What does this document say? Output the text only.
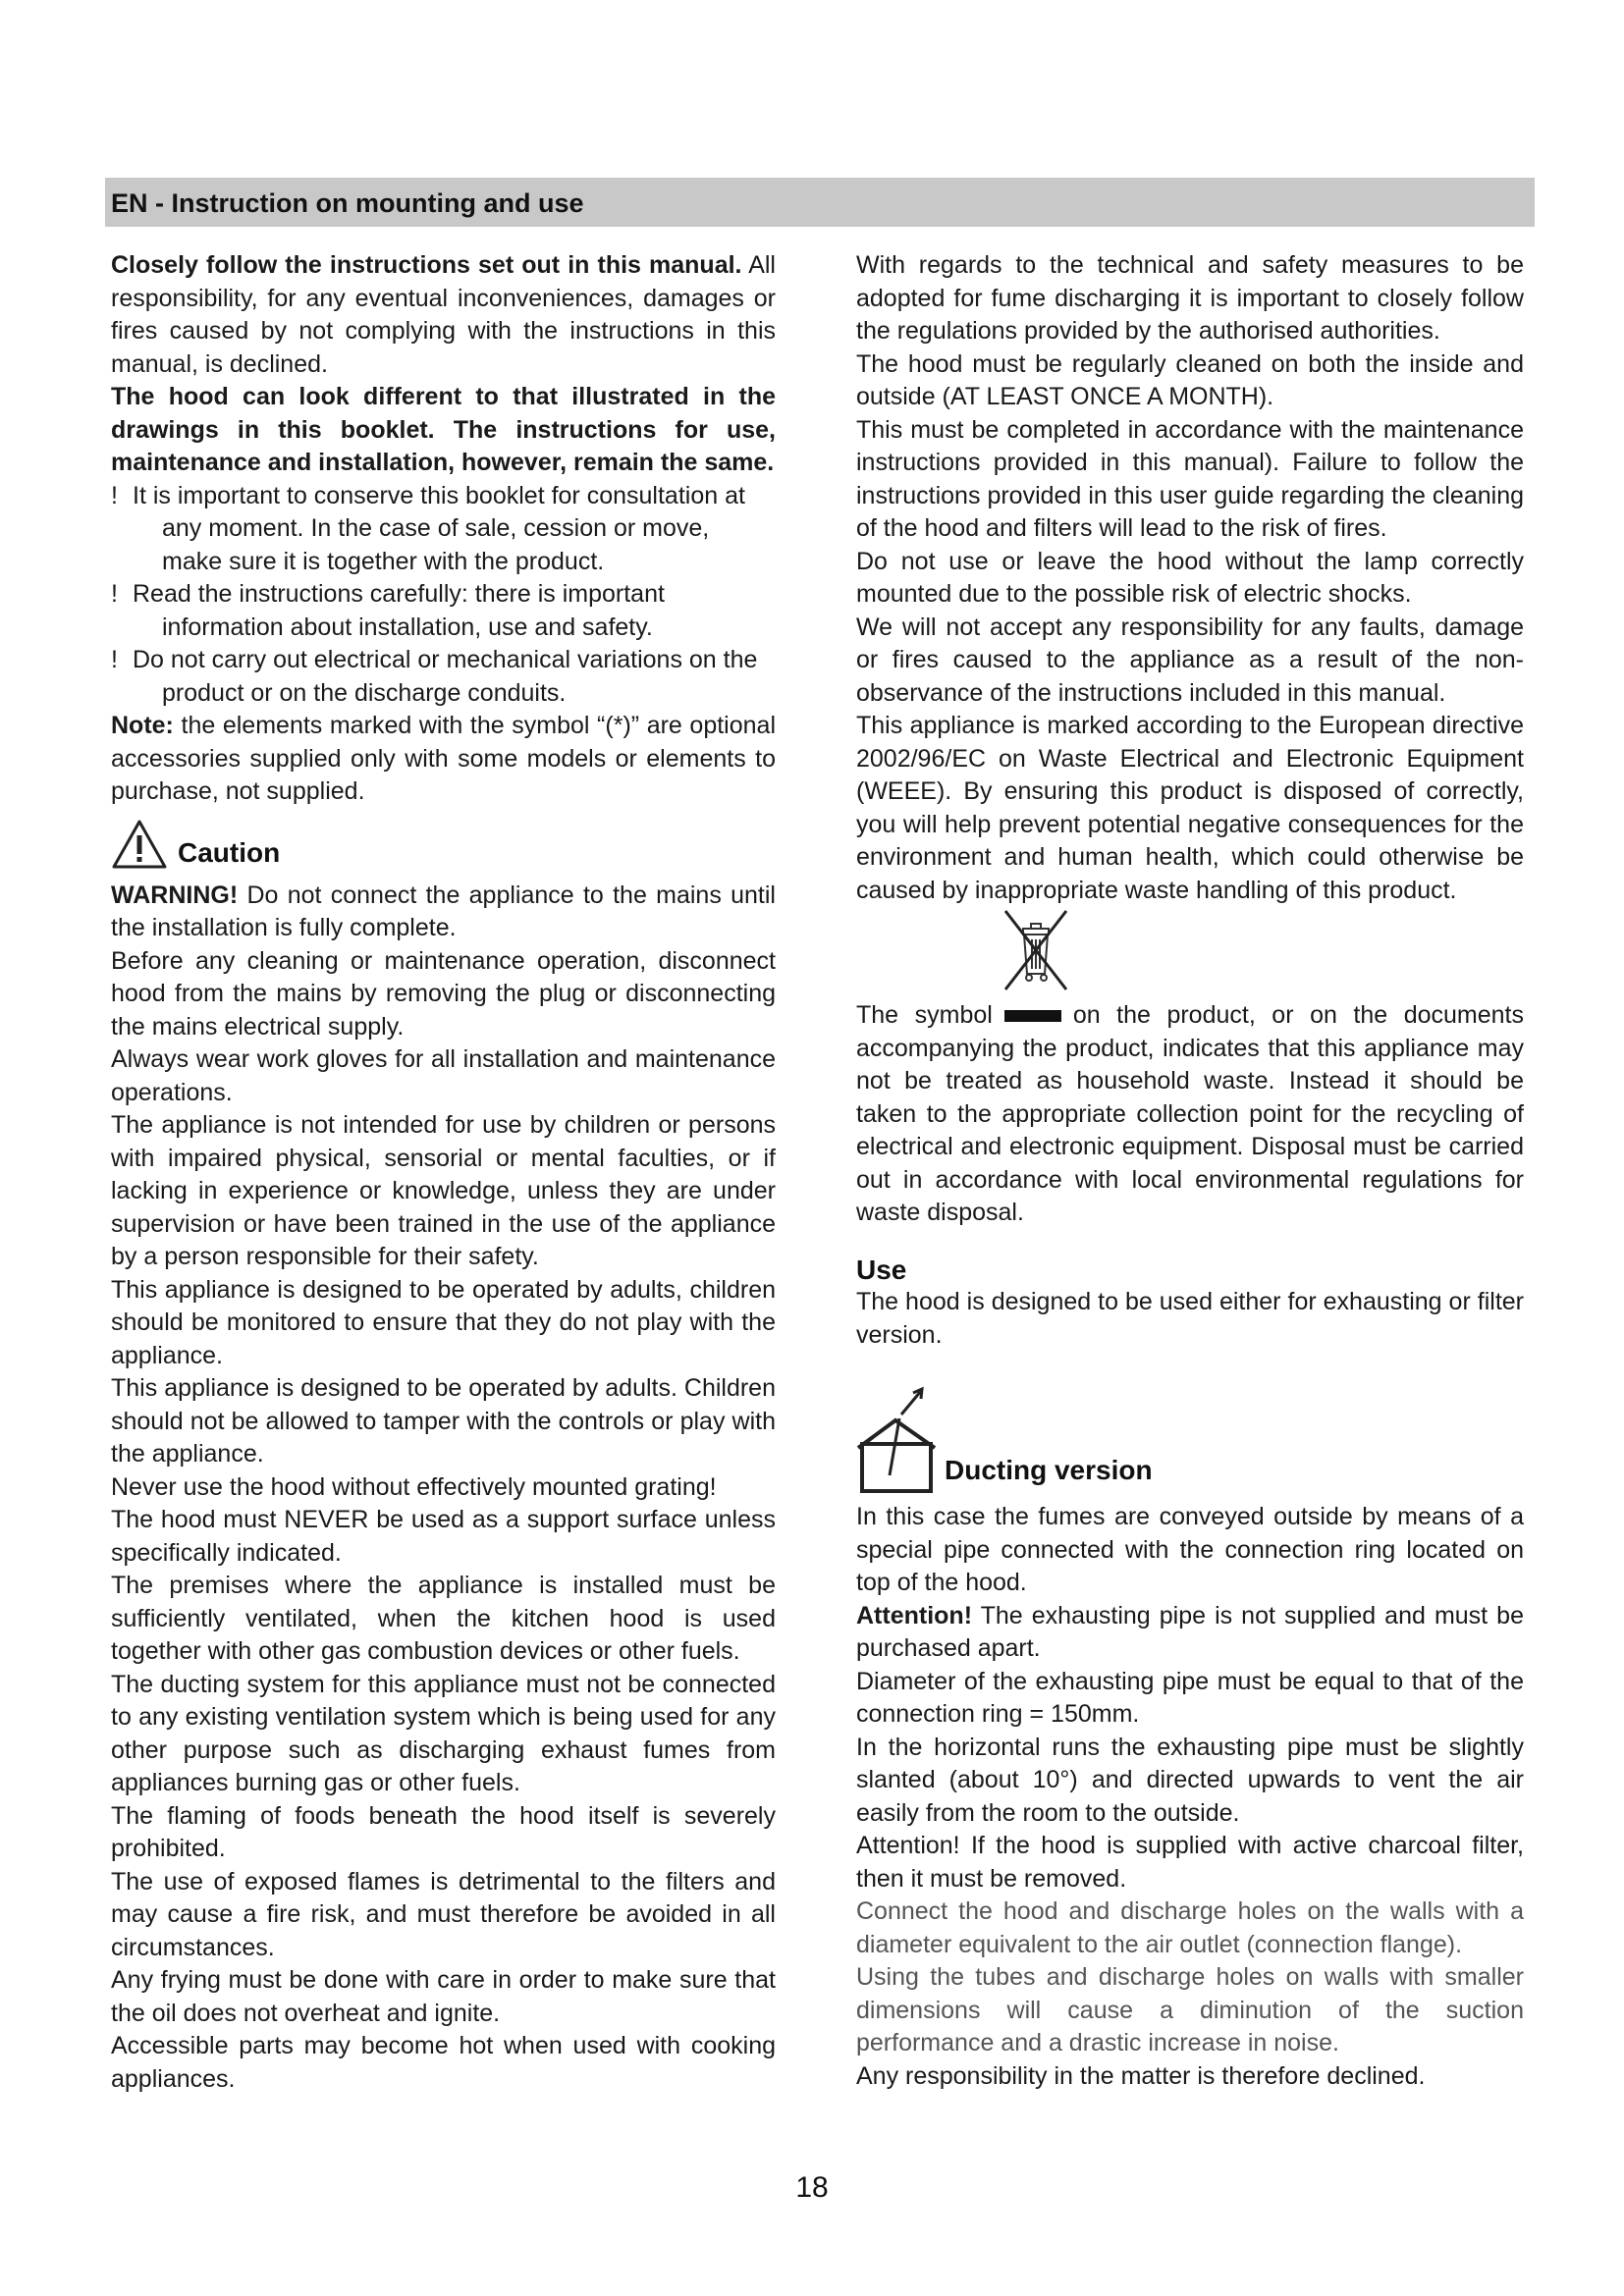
EN - Instruction on mounting and use

Closely follow the instructions set out in this manual. All responsibility, for any eventual inconveniences, damages or fires caused by not complying with the instructions in this manual, is declined.

The hood can look different to that illustrated in the drawings in this booklet. The instructions for use, maintenance and installation, however, remain the same.

! It is important to conserve this booklet for consultation at any moment. In the case of sale, cession or move, make sure it is together with the product.

! Read the instructions carefully: there is important information about installation, use and safety.

! Do not carry out electrical or mechanical variations on the product or on the discharge conduits.

Note: the elements marked with the symbol “(*)” are optional accessories supplied only with some models or elements to purchase, not supplied.

Caution

WARNING! Do not connect the appliance to the mains until the installation is fully complete.

Before any cleaning or maintenance operation, disconnect hood from the mains by removing the plug or disconnecting the mains electrical supply.

Always wear work gloves for all installation and maintenance operations.

The appliance is not intended for use by children or persons with impaired physical, sensorial or mental faculties, or if lacking in experience or knowledge, unless they are under supervision or have been trained in the use of the appliance by a person responsible for their safety.

This appliance is designed to be operated by adults, children should be monitored to ensure that they do not play with the appliance.

This appliance is designed to be operated by adults. Children should not be allowed to tamper with the controls or play with the appliance.

Never use the hood without effectively mounted grating!

The hood must NEVER be used as a support surface unless specifically indicated.

The premises where the appliance is installed must be sufficiently ventilated, when the kitchen hood is used together with other gas combustion devices or other fuels.

The ducting system for this appliance must not be connected to any existing ventilation system which is being used for any other purpose such as discharging exhaust fumes from appliances burning gas or other fuels.

The flaming of foods beneath the hood itself is severely prohibited.

The use of exposed flames is detrimental to the filters and may cause a fire risk, and must therefore be avoided in all circumstances.

Any frying must be done with care in order to make sure that the oil does not overheat and ignite.

Accessible parts may become hot when used with cooking appliances.

With regards to the technical and safety measures to be adopted for fume discharging it is important to closely follow the regulations provided by the authorised authorities.

The hood must be regularly cleaned on both the inside and outside (AT LEAST ONCE A MONTH).

This must be completed in accordance with the maintenance instructions provided in this manual). Failure to follow the instructions provided in this user guide regarding the cleaning of the hood and filters will lead to the risk of fires.

Do not use or leave the hood without the lamp correctly mounted due to the possible risk of electric shocks.

We will not accept any responsibility for any faults, damage or fires caused to the appliance as a result of the non-observance of the instructions included in this manual.

This appliance is marked according to the European directive 2002/96/EC on Waste Electrical and Electronic Equipment (WEEE). By ensuring this product is disposed of correctly, you will help prevent potential negative consequences for the environment and human health, which could otherwise be caused by inappropriate waste handling of this product.

The symbol	on the product, or on the documents accompanying the product, indicates that this appliance may not be treated as household waste. Instead it should be taken to the appropriate collection point for the recycling of electrical and electronic equipment. Disposal must be carried out in accordance with local environmental regulations for waste disposal.

Use

The hood is designed to be used either for exhausting or filter version.

Ducting version

In this case the fumes are conveyed outside by means of a special pipe connected with the connection ring located on top of the hood.

Attention! The exhausting pipe is not supplied and must be purchased apart.

Diameter of the exhausting pipe must be equal to that of the connection ring = 150mm.

In the horizontal runs the exhausting pipe must be slightly slanted (about 10°) and directed upwards to vent the air easily from the room to the outside.

Attention! If the hood is supplied with active charcoal filter, then it must be removed.

Connect the hood and discharge holes on the walls with a diameter equivalent to the air outlet (connection flange).

Using the tubes and discharge holes on walls with smaller dimensions will cause a diminution of the suction performance and a drastic increase in noise.

Any responsibility in the matter is therefore declined.

18
